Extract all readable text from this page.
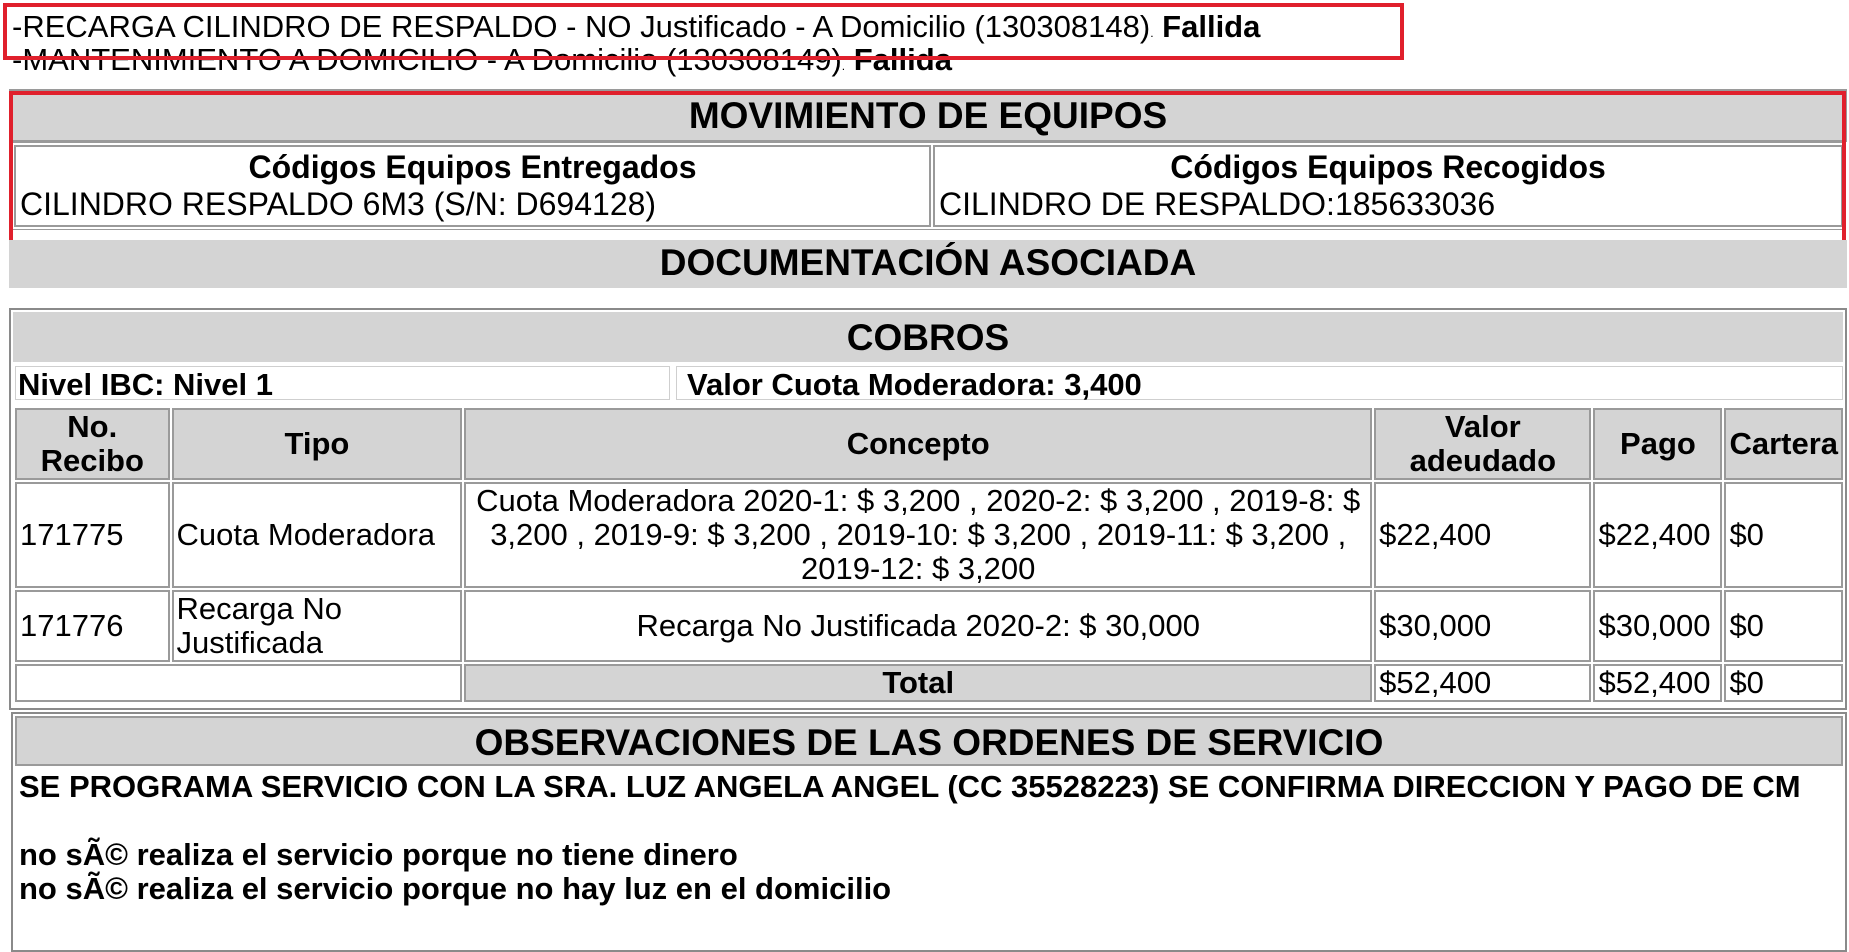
-RECARGA CILINDRO DE RESPALDO - NO Justificado - A Domicilio (130308148). Fallida
-MANTENIMIENTO A DOMICILIO - A Domicilio (130308149). Fallida
MOVIMIENTO DE EQUIPOS
Códigos Equipos Entregados
CILINDRO RESPALDO 6M3 (S/N: D694128)	
Códigos Equipos Recogidos
CILINDRO DE RESPALDO:185633036
DOCUMENTACIÓN ASOCIADA
COBROS
Nivel IBC: Nivel 1	Valor Cuota Moderadora: 3,400
No. Recibo	Tipo	Concepto	Valor adeudado	Pago	Cartera
171775	Cuota Moderadora	Cuota Moderadora 2020-1: $ 3,200 , 2020-2: $ 3,200 , 2019-8: $ 3,200 , 2019-9: $ 3,200 , 2019-10: $ 3,200 , 2019-11: $ 3,200 , 2019-12: $ 3,200	$22,400	$22,400	$0
171776	Recarga No Justificada	Recarga No Justificada 2020-2: $ 30,000	$30,000	$30,000	$0
		Total	$52,400	$52,400	$0
OBSERVACIONES DE LAS ORDENES DE SERVICIO
SE PROGRAMA SERVICIO CON LA SRA. LUZ ANGELA ANGEL (CC 35528223) SE CONFIRMA DIRECCION Y PAGO DE CM
no sÃ© realiza el servicio porque no tiene dinero
no sÃ© realiza el servicio porque no hay luz en el domicilio
